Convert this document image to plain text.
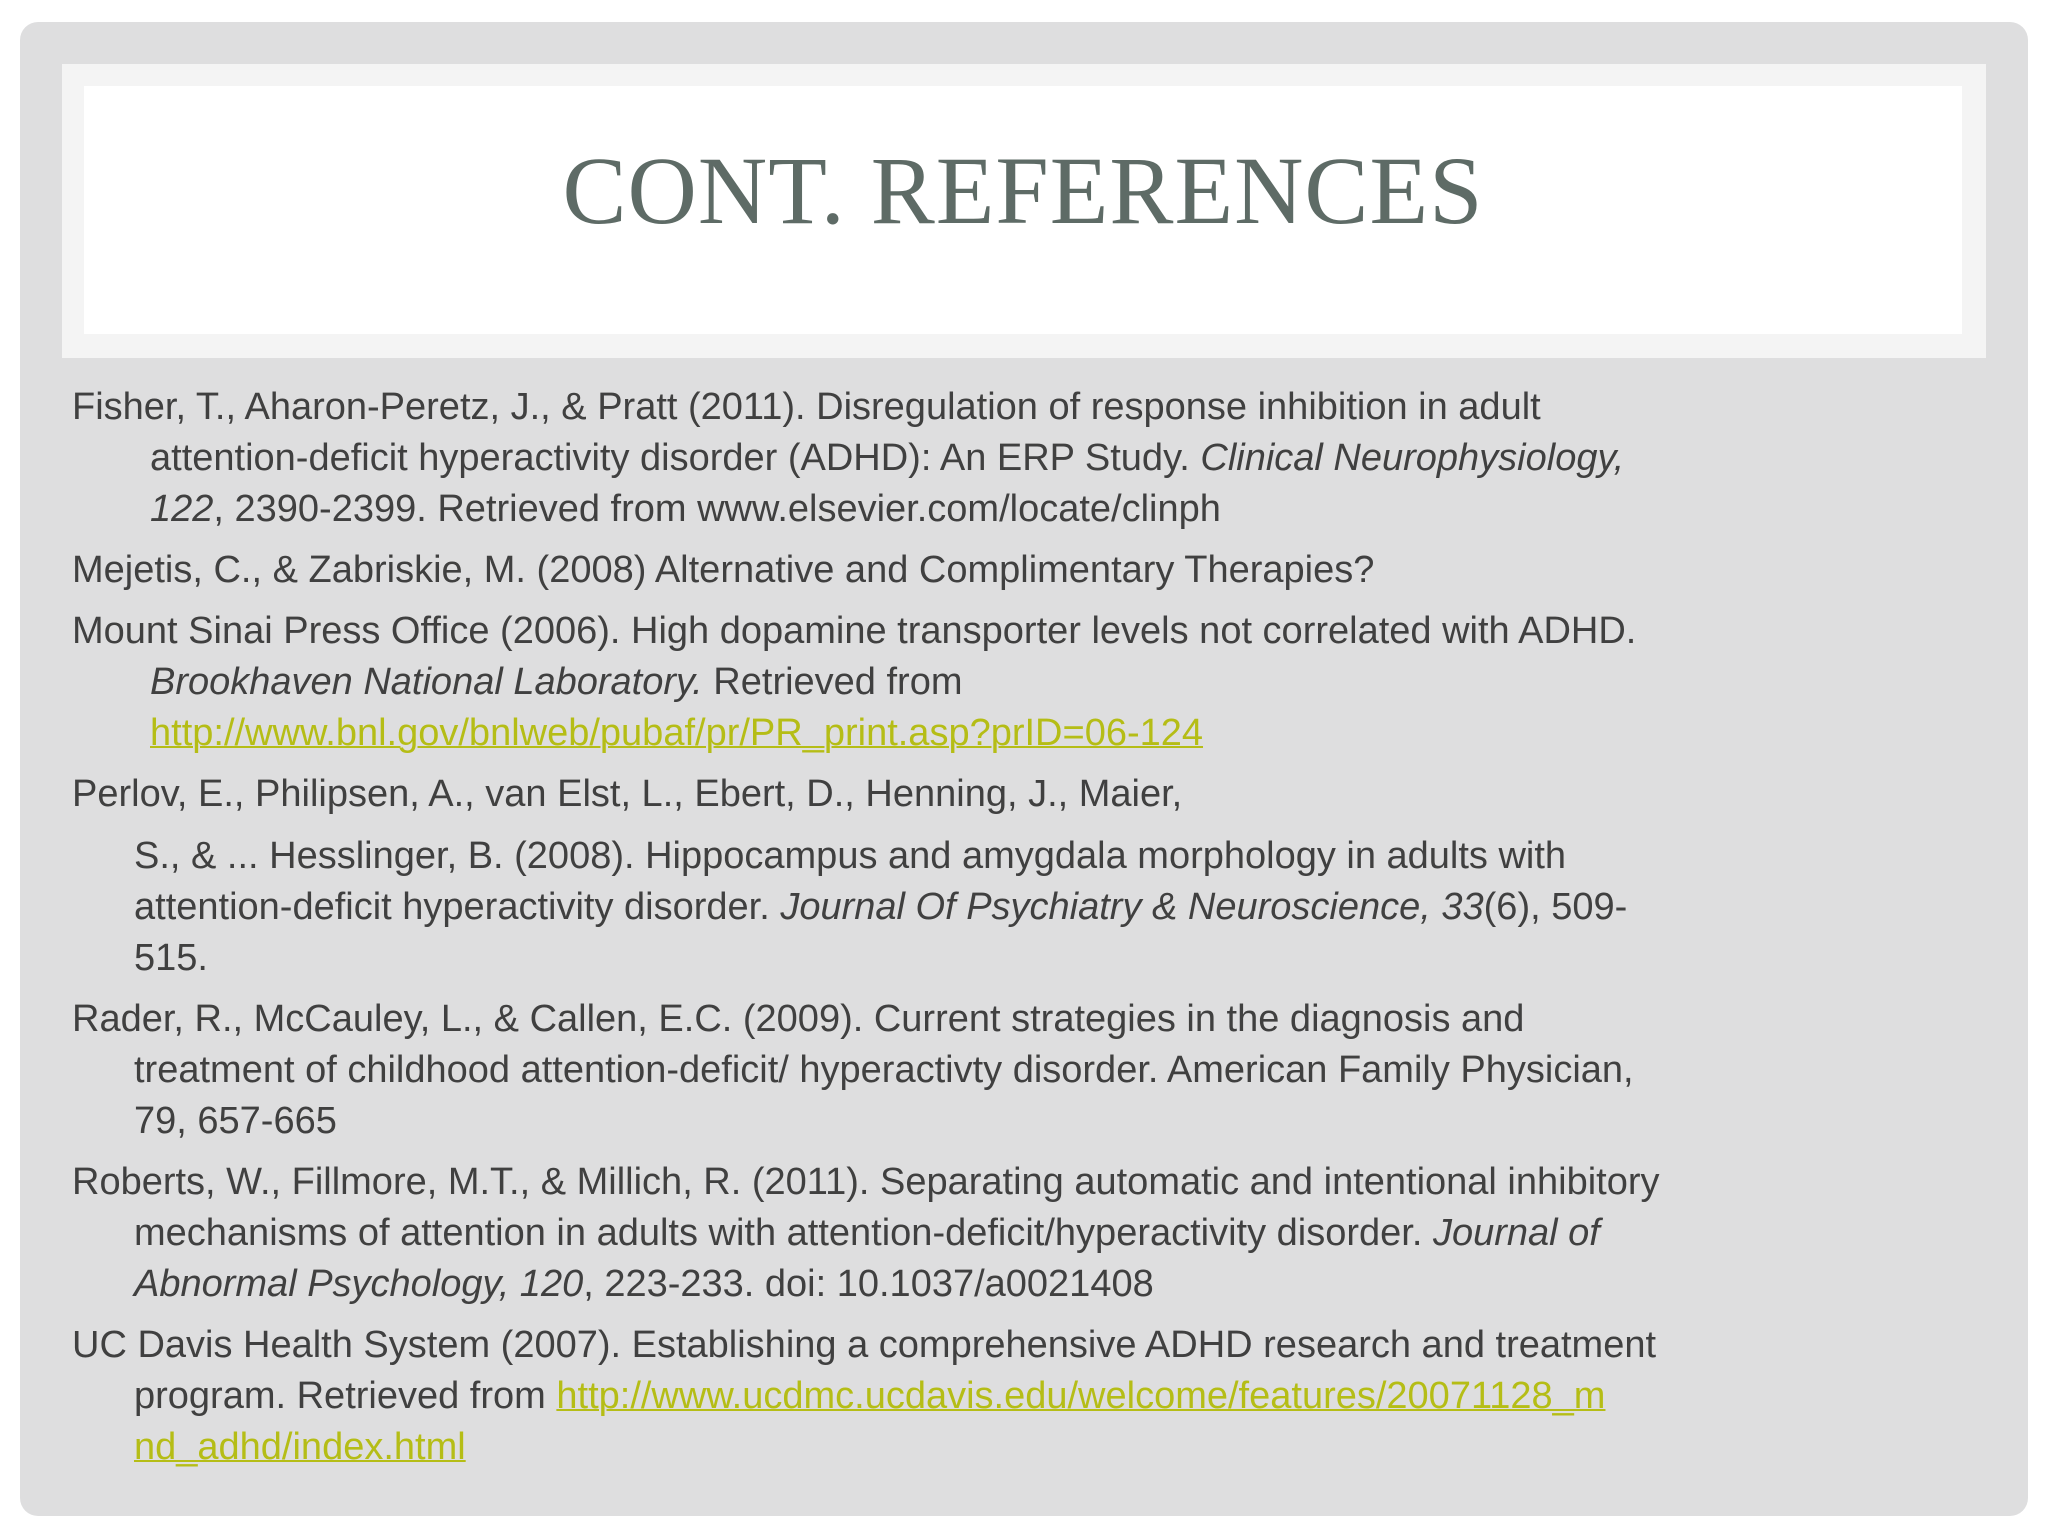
CONT. REFERENCES

Fisher, T., Aharon-Peretz, J., & Pratt (2011). Disregulation of response inhibition in adult
attention-deficit hyperactivity disorder (ADHD): An ERP Study. Clinical Neurophysiology,
122, 2390-2399. Retrieved from www.elsevier.com/locate/clinph

Mejetis, C., & Zabriskie, M. (2008) Alternative and Complimentary Therapies?

Mount Sinai Press Office (2006). High dopamine transporter levels not correlated with ADHD.
Brookhaven National Laboratory. Retrieved from
http://www.bnl.gov/bnlweb/pubaf/pr/PR_print.asp?prID=06-124

Perlov, E., Philipsen, A., van Elst, L., Ebert, D., Henning, J., Maier,
S., & ... Hesslinger, B. (2008). Hippocampus and amygdala morphology in adults with
attention-deficit hyperactivity disorder. Journal Of Psychiatry & Neuroscience, 33(6), 509-
515.

Rader, R., McCauley, L., & Callen, E.C. (2009). Current strategies in the diagnosis and
treatment of childhood attention-deficit/ hyperactivty disorder. American Family Physician,
79, 657-665

Roberts, W., Fillmore, M.T., & Millich, R. (2011). Separating automatic and intentional inhibitory
mechanisms of attention in adults with attention-deficit/hyperactivity disorder. Journal of
Abnormal Psychology, 120, 223-233. doi: 10.1037/a0021408

UC Davis Health System (2007). Establishing a comprehensive ADHD research and treatment
program. Retrieved from http://www.ucdmc.ucdavis.edu/welcome/features/20071128_m
nd_adhd/index.html
